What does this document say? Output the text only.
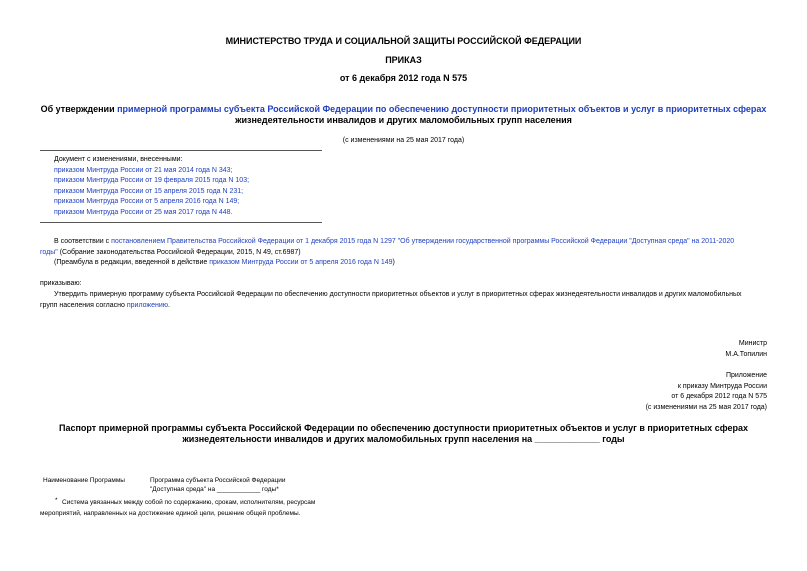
МИНИСТЕРСТВО ТРУДА И СОЦИАЛЬНОЙ ЗАЩИТЫ РОССИЙСКОЙ ФЕДЕРАЦИИ
ПРИКАЗ
от 6 декабря 2012 года N 575
Об утверждении примерной программы субъекта Российской Федерации по обеспечению доступности приоритетных объектов и услуг в приоритетных сферах
жизнедеятельности инвалидов и других маломобильных групп населения
(с изменениями на 25 мая 2017 года)
Документ с изменениями, внесенными:
приказом Минтруда России от 21 мая 2014 года N 343;
приказом Минтруда России от 19 февраля 2015 года N 103;
приказом Минтруда России от 15 апреля 2015 года N 231;
приказом Минтруда России от 5 апреля 2016 года N 149;
приказом Минтруда России от 25 мая 2017 года N 448.
В соответствии с постановлением Правительства Российской Федерации от 1 декабря 2015 года N 1297 "Об утверждении государственной программы Российской Федерации "Доступная среда" на 2011-2020
годы" (Собрание законодательства Российской Федерации, 2015, N 49, ст.6987)
(Преамбула в редакции, введенной в действие приказом Минтруда России от 5 апреля 2016 года N 149)
приказываю:
Утвердить примерную программу субъекта Российской Федерации по обеспечению доступности приоритетных объектов и услуг в приоритетных сферах жизнедеятельности инвалидов и других маломобильных
групп населения согласно приложению.
Министр
М.А.Топилин
Приложение
к приказу Минтруда России
от 6 декабря 2012 года N 575
(с изменениями на 25 мая 2017 года)
Паспорт примерной программы субъекта Российской Федерации по обеспечению доступности приоритетных объектов и услуг в приоритетных сферах
жизнедеятельности инвалидов и других маломобильных групп населения на _____________ годы
Наименование Программы	Программа субъекта Российской Федерации
"Доступная среда" на ____________ годы*
* Система увязанных между собой по содержанию, срокам, исполнителям, ресурсам
мероприятий, направленных на достижение единой цели, решение общей проблемы.
